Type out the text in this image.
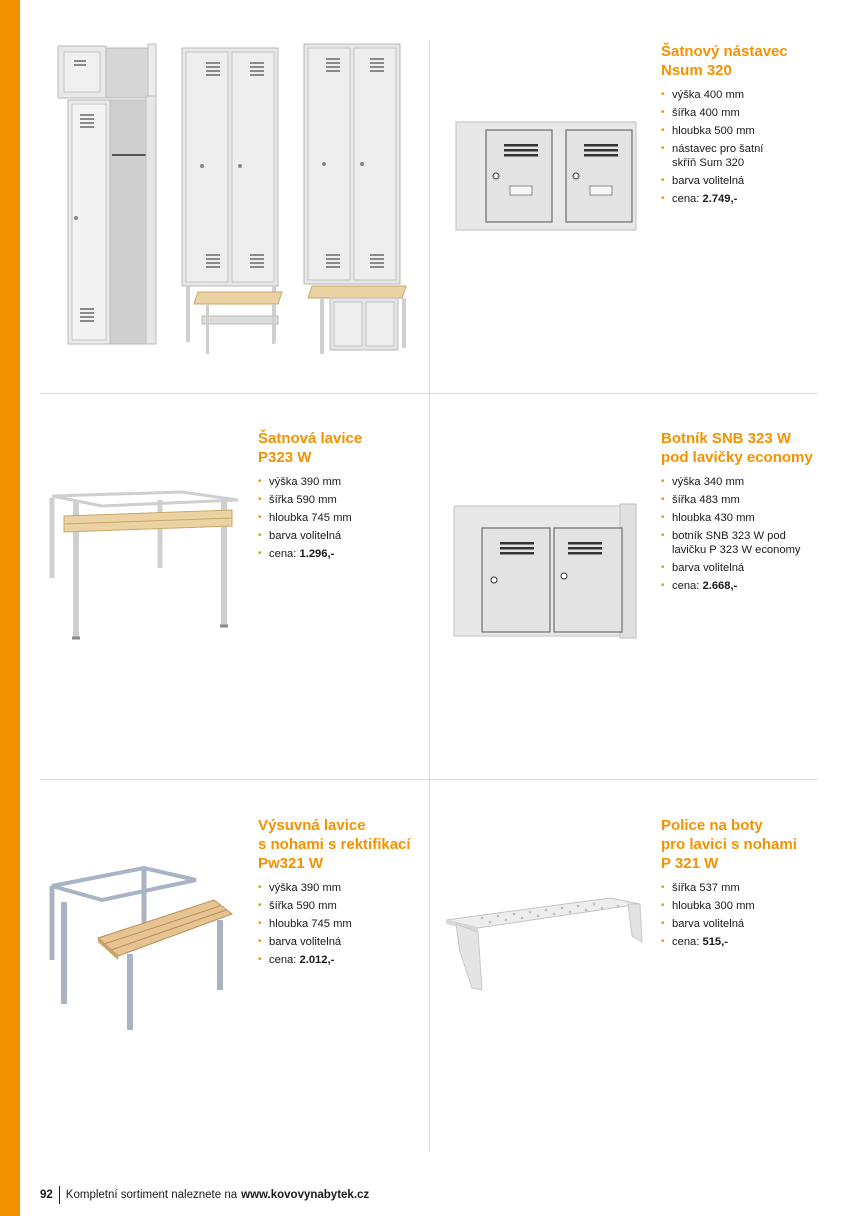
Šatnový nástavec
Nsum 320
• výška 400 mm
• šířka 400 mm
• hloubka 500 mm
• nástavec pro šatní
skříň Sum 320
• barva volitelná
• cena: 2.749,-
Šatnová lavice
P323 W
• výška 390 mm
• šířka 590 mm
• hloubka 745 mm
• barva volitelná
• cena: 1.296,-
Botník SNB 323 W
pod lavičky economy
• výška 340 mm
• šířka 483 mm
• hloubka 430 mm
• botník SNB 323 W pod
lavičku P 323 W economy
• barva volitelná
• cena: 2.668,-
Výsuvná lavice
s nohami s rektifikací
Pw321 W
• výška 390 mm
• šířka 590 mm
• hloubka 745 mm
• barva volitelná
• cena: 2.012,-
Police na boty
pro lavici s nohami
P 321 W
• šířka 537 mm
• hloubka 300 mm
• barva volitelná
• cena: 515,-
92 Kompletní sortiment naleznete na www.kovovynabytek.cz
